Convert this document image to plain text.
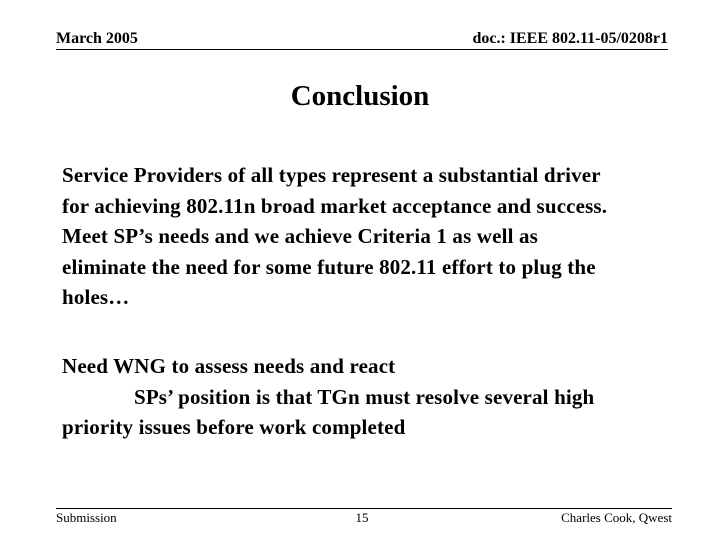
March 2005	doc.: IEEE 802.11-05/0208r1
Conclusion
Service Providers of all types represent a substantial driver
for achieving 802.11n broad market acceptance and success.
Meet SP’s needs and we achieve Criteria 1 as well as
eliminate the need for some future 802.11 effort to plug the
holes…
Need WNG to assess needs and react
SPs’ position is that TGn must resolve several high
priority issues before work completed
Submission	15	Charles Cook, Qwest
